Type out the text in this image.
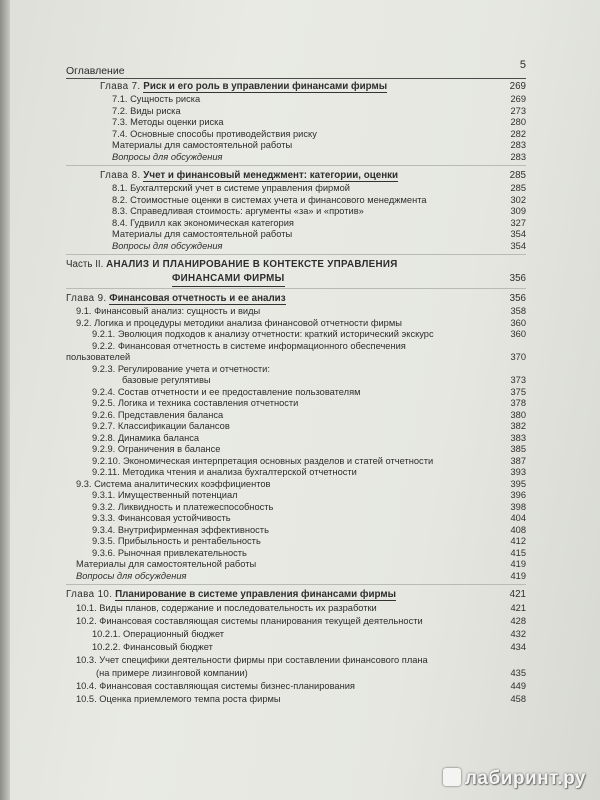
Оглавление	5
Глава 7. Риск и его роль в управлении финансами фирмы	269
7.1. Сущность риска	269
7.2. Виды риска	273
7.3. Методы оценки риска	280
7.4. Основные способы противодействия риску	282
Материалы для самостоятельной работы	283
Вопросы для обсуждения	283
Глава 8. Учет и финансовый менеджмент: категории, оценки	285
8.1. Бухгалтерский учет в системе управления фирмой	285
8.2. Стоимостные оценки в системах учета и финансового менеджмента	302
8.3. Справедливая стоимость: аргументы «за» и «против»	309
8.4. Гудвилл как экономическая категория	327
Материалы для самостоятельной работы	354
Вопросы для обсуждения	354
Часть II. АНАЛИЗ И ПЛАНИРОВАНИЕ В КОНТЕКСТЕ УПРАВЛЕНИЯ
ФИНАНСАМИ ФИРМЫ	356
Глава 9. Финансовая отчетность и ее анализ	356
9.1. Финансовый анализ: сущность и виды	358
9.2. Логика и процедуры методики анализа финансовой отчетности фирмы	360
9.2.1. Эволюция подходов к анализу отчетности: краткий исторический экскурс	360
9.2.2. Финансовая отчетность в системе информационного обеспечения
пользователей	370
9.2.3. Регулирование учета и отчетности:
базовые регулятивы	373
9.2.4. Состав отчетности и ее предоставление пользователям	375
9.2.5. Логика и техника составления отчетности	378
9.2.6. Представления баланса	380
9.2.7. Классификации балансов	382
9.2.8. Динамика баланса	383
9.2.9. Ограничения в балансе	385
9.2.10. Экономическая интерпретация основных разделов и статей отчетности	387
9.2.11. Методика чтения и анализа бухгалтерской отчетности	393
9.3. Система аналитических коэффициентов	395
9.3.1. Имущественный потенциал	396
9.3.2. Ликвидность и платежеспособность	398
9.3.3. Финансовая устойчивость	404
9.3.4. Внутрифирменная эффективность	408
9.3.5. Прибыльность и рентабельность	412
9.3.6. Рыночная привлекательность	415
Материалы для самостоятельной работы	419
Вопросы для обсуждения	419
Глава 10. Планирование в системе управления финансами фирмы	421
10.1. Виды планов, содержание и последовательность их разработки	421
10.2. Финансовая составляющая системы планирования текущей деятельности	428
10.2.1. Операционный бюджет	432
10.2.2. Финансовый бюджет	434
10.3. Учет специфики деятельности фирмы при составлении финансового плана
(на примере лизинговой компании)	435
10.4. Финансовая составляющая системы бизнес-планирования	449
10.5. Оценка приемлемого темпа роста фирмы	458
лабиринт.ру
